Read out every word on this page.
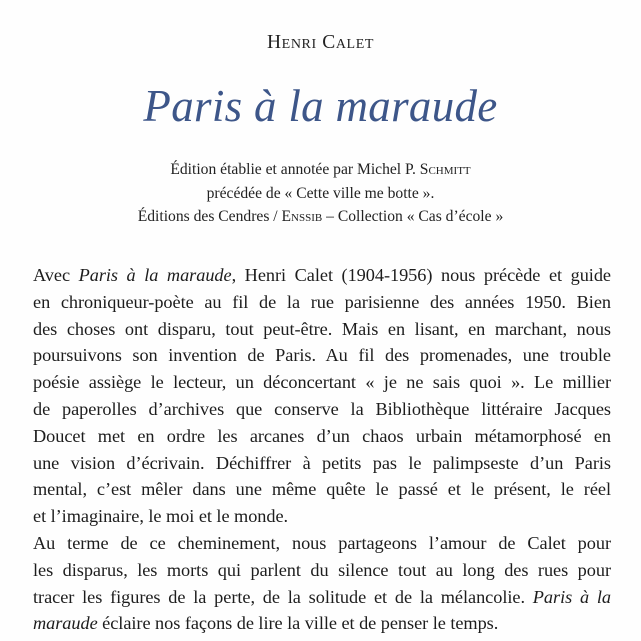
Henri Calet
Paris à la maraude
Édition établie et annotée par Michel P. Schmitt
précédée de « Cette ville me botte ».
Éditions des Cendres / Enssib – Collection « Cas d’école »

Avec Paris à la maraude, Henri Calet (1904-1956) nous précède et guide
en chroniqueur-poète au fil de la rue parisienne des années 1950. Bien
des choses ont disparu, tout peut-être. Mais en lisant, en marchant, nous
poursuivons son invention de Paris. Au fil des promenades, une trouble
poésie assiège le lecteur, un déconcertant « je ne sais quoi ». Le millier
de paperolles d’archives que conserve la Bibliothèque littéraire Jacques
Doucet met en ordre les arcanes d’un chaos urbain métamorphosé en
une vision d’écrivain. Déchiffrer à petits pas le palimpseste d’un Paris
mental, c’est mêler dans une même quête le passé et le présent, le réel
et l’imaginaire, le moi et le monde.

Au terme de ce cheminement, nous partageons l’amour de Calet pour
les disparus, les morts qui parlent du silence tout au long des rues pour
tracer les figures de la perte, de la solitude et de la mélancolie. Paris à la
maraude éclaire nos façons de lire la ville et de penser le temps.
